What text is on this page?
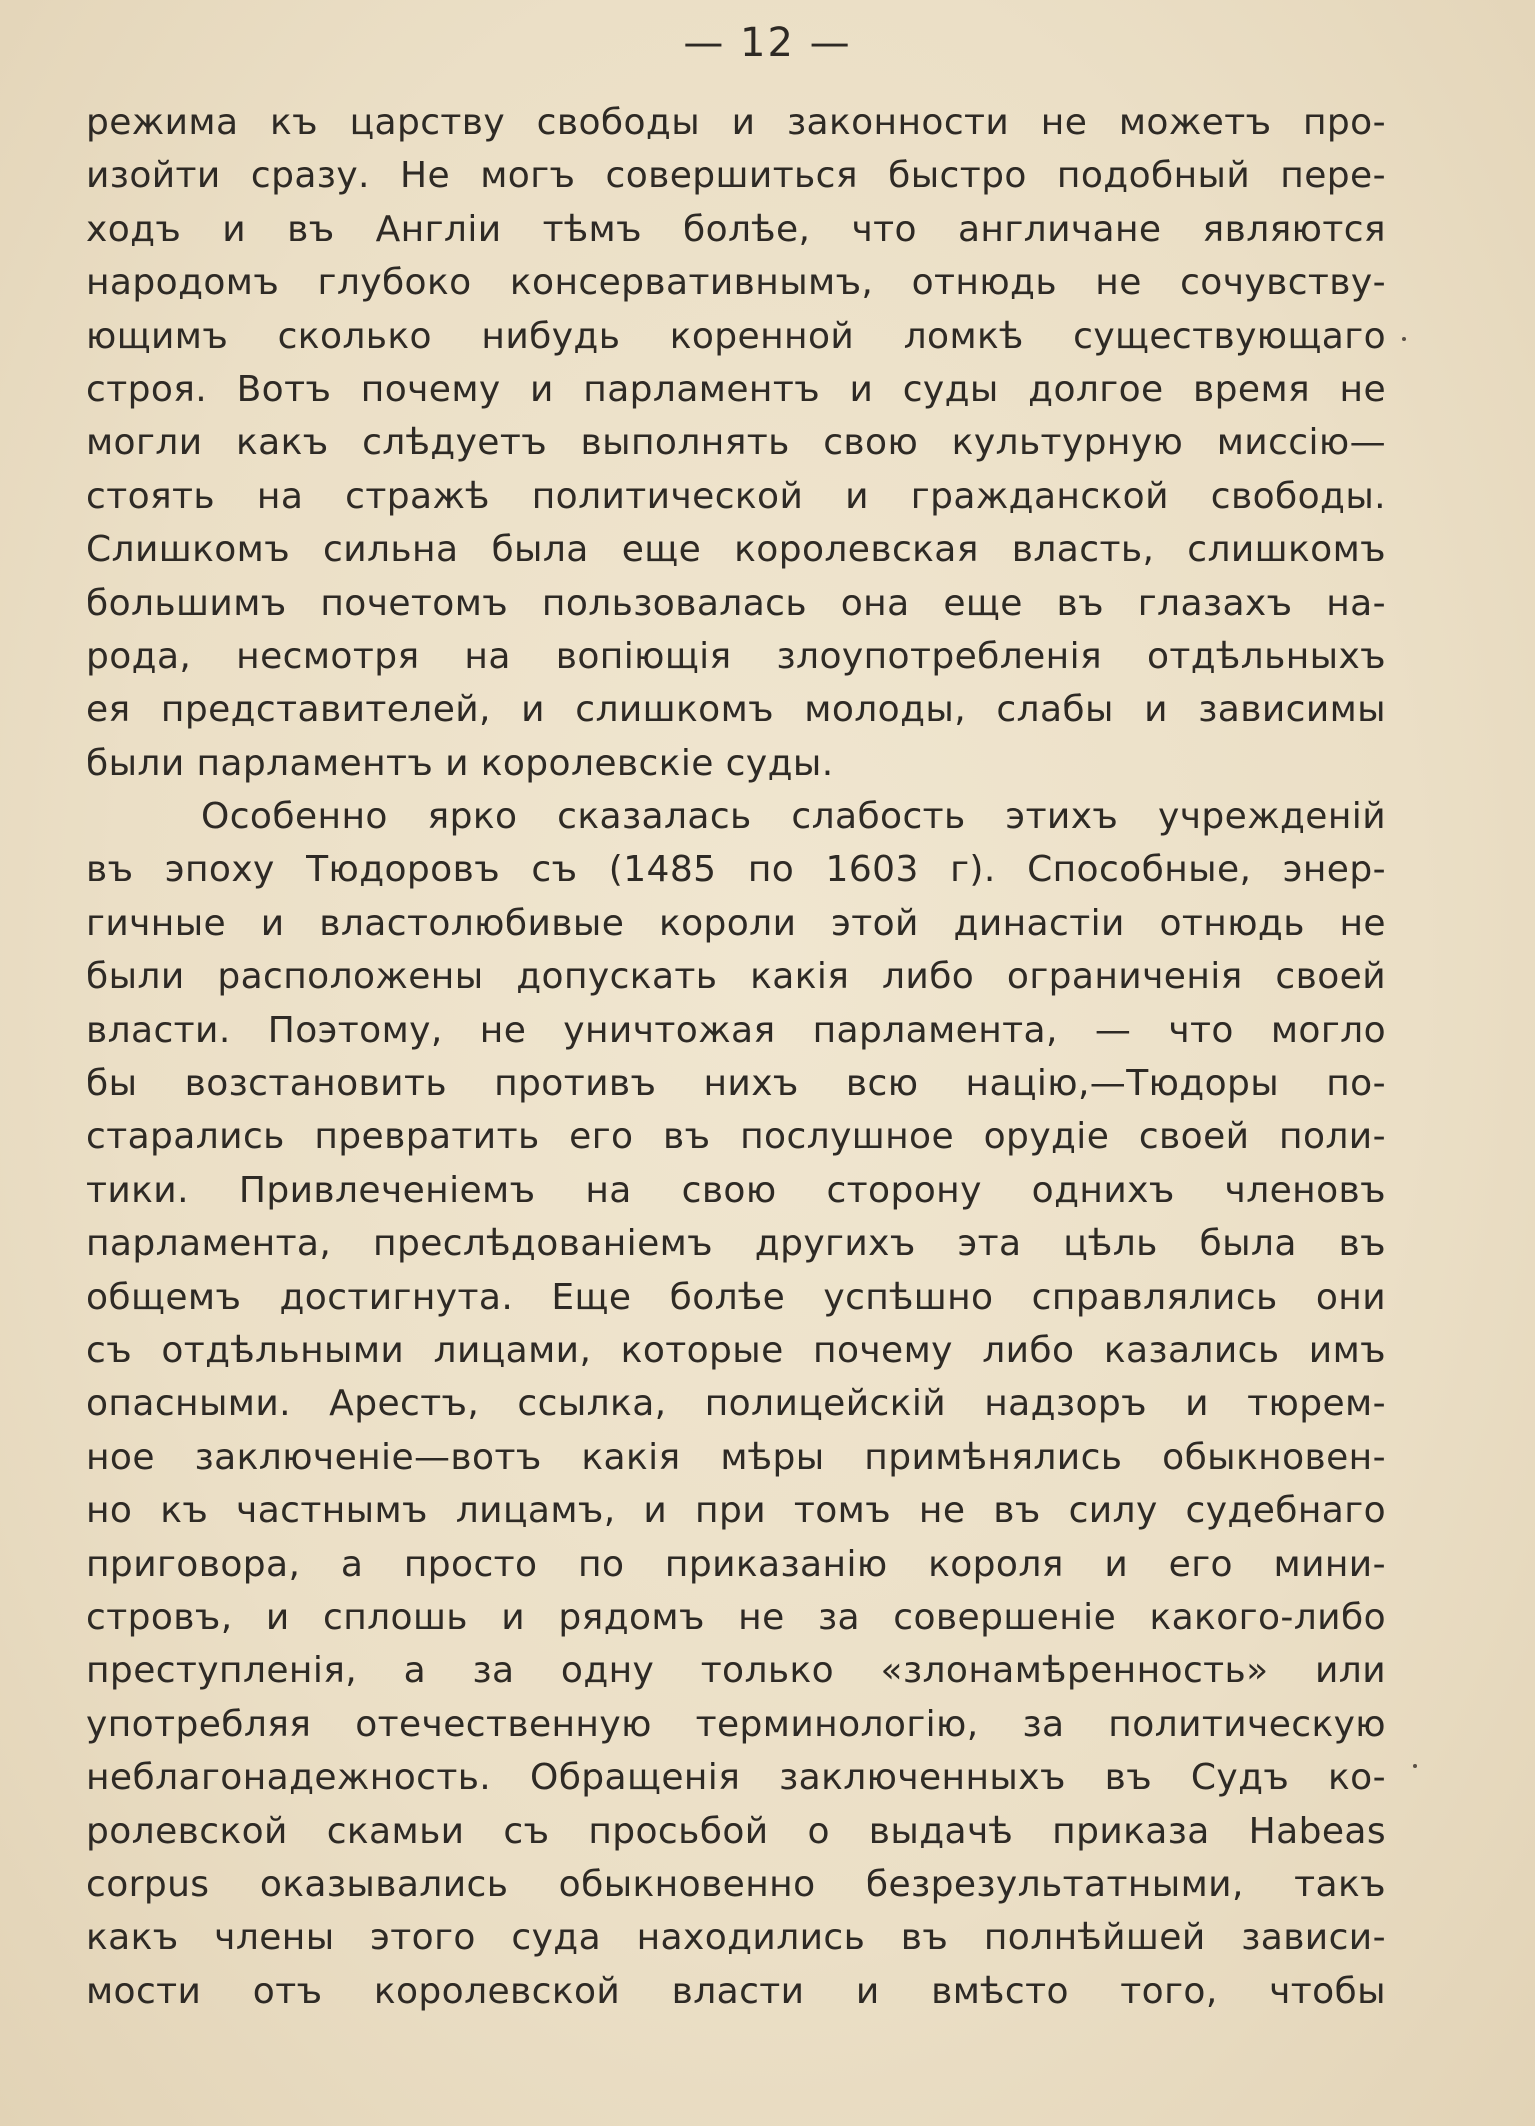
— 12 —
режима къ царству свободы и законности не можетъ про-
изойти сразу. Не могъ совершиться быстро подобный пере-
ходъ и въ Англіи тѣмъ болѣе, что англичане являются
народомъ глубоко консервативнымъ, отнюдь не сочувству-
ющимъ сколько нибудь коренной ломкѣ существующаго
строя. Вотъ почему и парламентъ и суды долгое время не
могли какъ слѣдуетъ выполнять свою культурную миссію—
стоять на стражѣ политической и гражданской свободы.
Слишкомъ сильна была еще королевская власть, слишкомъ
большимъ почетомъ пользовалась она еще въ глазахъ на-
рода, несмотря на вопіющія злоупотребленія отдѣльныхъ
ея представителей, и слишкомъ молоды, слабы и зависимы
были парламентъ и королевскіе суды.
Особенно ярко сказалась слабость этихъ учрежденій
въ эпоху Тюдоровъ съ (1485 по 1603 г). Способные, энер-
гичные и властолюбивые короли этой династіи отнюдь не
были расположены допускать какія либо ограниченія своей
власти. Поэтому, не уничтожая парламента, — что могло
бы возстановить противъ нихъ всю націю,—Тюдоры по-
старались превратить его въ послушное орудіе своей поли-
тики. Привлеченіемъ на свою сторону однихъ членовъ
парламента, преслѣдованіемъ другихъ эта цѣль была въ
общемъ достигнута. Еще болѣе успѣшно справлялись они
съ отдѣльными лицами, которые почему либо казались имъ
опасными. Арестъ, ссылка, полицейскій надзоръ и тюрем-
ное заключеніе—вотъ какія мѣры примѣнялись обыкновен-
но къ частнымъ лицамъ, и при томъ не въ силу судебнаго
приговора, а просто по приказанію короля и его мини-
стровъ, и сплошь и рядомъ не за совершеніе какого-либо
преступленія, а за одну только «злонамѣренность» или
употребляя отечественную терминологію, за политическую
неблагонадежность. Обращенія заключенныхъ въ Судъ ко-
ролевской скамьи съ просьбой о выдачѣ приказа Habeas
corpus оказывались обыкновенно безрезультатными, такъ
какъ члены этого суда находились въ полнѣйшей зависи-
мости отъ королевской власти и вмѣсто того, чтобы
